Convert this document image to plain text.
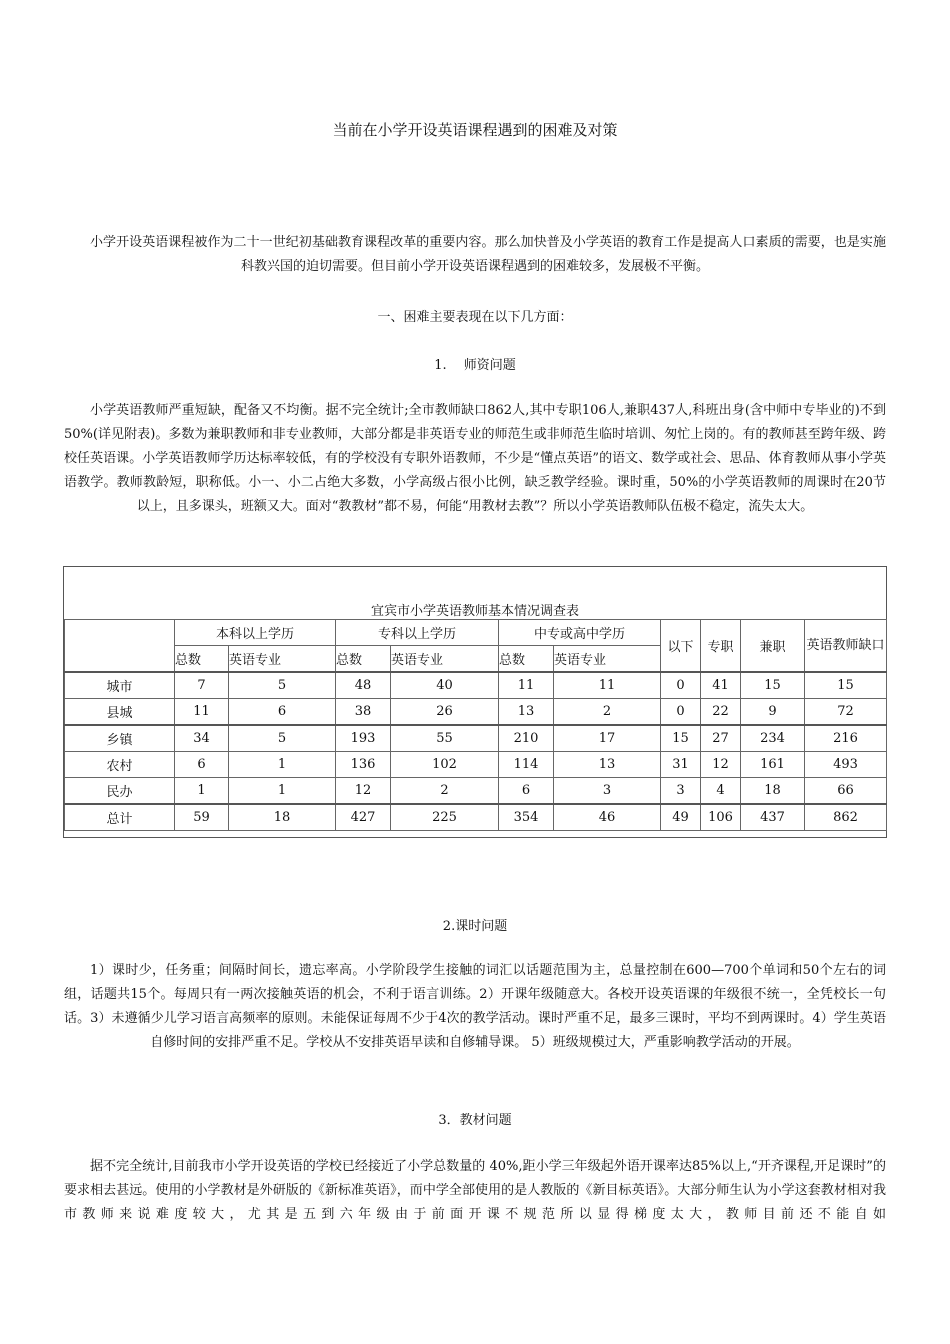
当前在小学开设英语课程遇到的困难及对策
小学开设英语课程被作为二十一世纪初基础教育课程改革的重要内容。那么加快普及小学英语的教育工作是提高人口素质的需要，也是实施科教兴国的迫切需要。但目前小学开设英语课程遇到的困难较多，发展极不平衡。
一、困难主要表现在以下几方面：
1.　 师资问题
小学英语教师严重短缺，配备又不均衡。据不完全统计;全市教师缺口862人,其中专职106人,兼职437人,科班出身(含中师中专毕业的)不到50%(详见附表)。多数为兼职教师和非专业教师，大部分都是非英语专业的师范生或非师范生临时培训、匆忙上岗的。有的教师甚至跨年级、跨校任英语课。小学英语教师学历达标率较低，有的学校没有专职外语教师，不少是“懂点英语”的语文、数学或社会、思品、体育教师从事小学英语教学。教师教龄短，职称低。小一、小二占绝大多数，小学高级占很小比例，缺乏教学经验。课时重，50%的小学英语教师的周课时在20节以上，且多课头，班额又大。面对“教教材”都不易，何能“用教材去教”？所以小学英语教师队伍极不稳定，流失太大。
宜宾市小学英语教师基本情况调查表
	本科以上学历		专科以上学历		中专或高中学历		以下	专职	兼职	英语教师缺口
	总数	英语专业	总数	英语专业	总数	英语专业				
城市	7	5	48	40	11	11	0	41	15	15
县城	11	6	38	26	13	2	0	22	9	72
乡镇	34	5	193	55	210	17	15	27	234	216
农村	6	1	136	102	114	13	31	12	161	493
民办	1	1	12	2	6	3	3	4	18	66
总计	59	18	427	225	354	46	49	106	437	862
2.课时问题
1）课时少，任务重；间隔时间长，遗忘率高。小学阶段学生接触的词汇以话题范围为主，总量控制在600—700个单词和50个左右的词组，话题共15个。每周只有一两次接触英语的机会，不利于语言训练。2）开课年级随意大。各校开设英语课的年级很不统一，全凭校长一句话。3）未遵循少儿学习语言高频率的原则。未能保证每周不少于4次的教学活动。课时严重不足，最多三课时，平均不到两课时。4）学生英语自修时间的安排严重不足。学校从不安排英语早读和自修辅导课。 5）班级规模过大，严重影响教学活动的开展。
3．教材问题
据不完全统计,目前我市小学开设英语的学校已经接近了小学总数量的 40%,距小学三年级起外语开课率达85%以上,“开齐课程,开足课时”的要求相去甚远。使用的小学教材是外研版的《新标准英语》，而中学全部使用的是人教版的《新目标英语》。大部分师生认为小学这套教材相对我市教师来说难度较大，尤其是五到六年级由于前面开课不规范所以显得梯度太大，教师目前还不能自如
